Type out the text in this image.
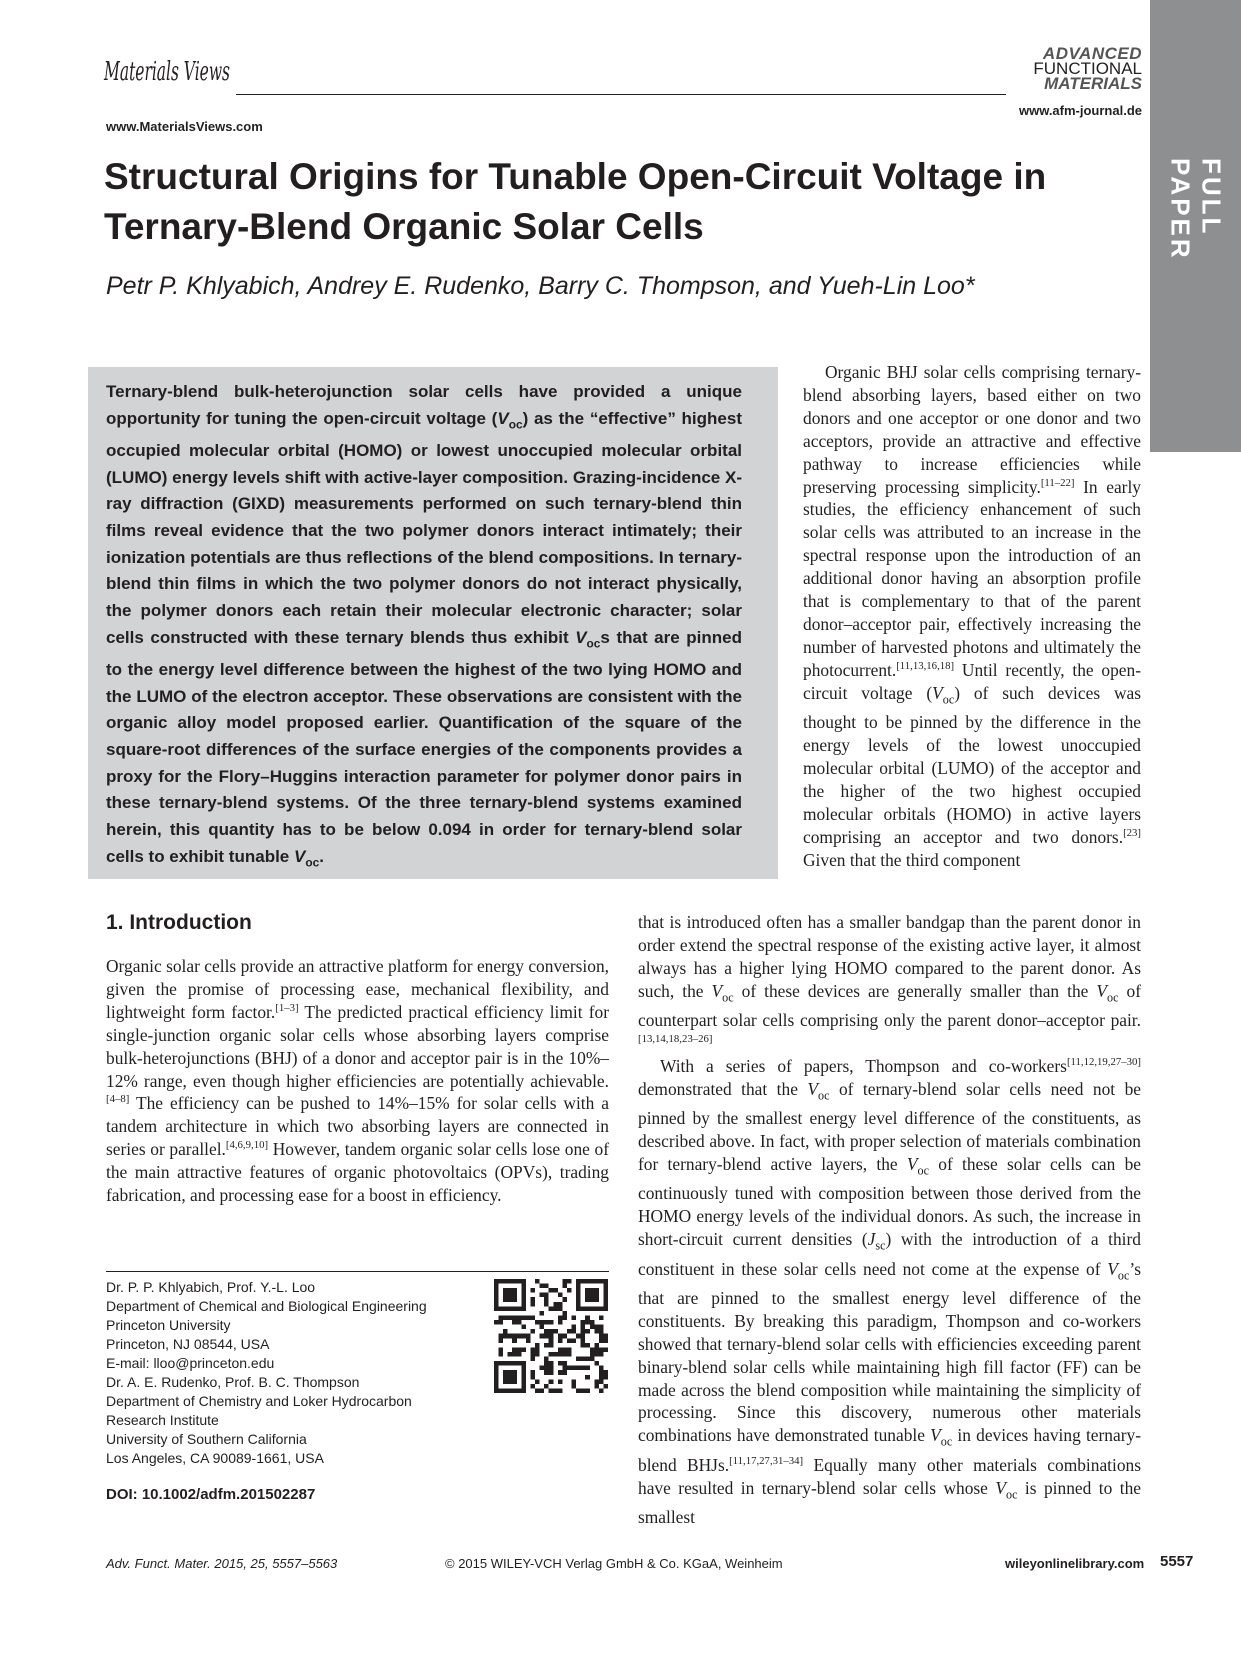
Materials Views
www.MaterialsViews.com
ADVANCED
FUNCTIONAL
MATERIALS
www.afm-journal.de
FULL PAPER
Structural Origins for Tunable Open-Circuit Voltage in Ternary-Blend Organic Solar Cells
Petr P. Khlyabich, Andrey E. Rudenko, Barry C. Thompson, and Yueh-Lin Loo*
Ternary-blend bulk-heterojunction solar cells have provided a unique opportunity for tuning the open-circuit voltage $(V_{oc})$ as the “effective” highest occupied molecular orbital (HOMO) or lowest unoccupied molecular orbital (LUMO) energy levels shift with active-layer composition. Grazing-incidence X-ray diffraction (GIXD) measurements performed on such ternary-blend thin films reveal evidence that the two polymer donors interact intimately; their ionization potentials are thus reflections of the blend compositions. In ternary-blend thin films in which the two polymer donors do not interact physically, the polymer donors each retain their molecular electronic character; solar cells constructed with these ternary blends thus exhibit $V_{oc}s$ that are pinned to the energy level difference between the highest of the two lying HOMO and the LUMO of the electron acceptor. These observations are consistent with the organic alloy model proposed earlier. Quantification of the square of the square-root differences of the surface energies of the components provides a proxy for the Flory–Huggins interaction parameter for polymer donor pairs in these ternary-blend systems. Of the three ternary-blend systems examined herein, this quantity has to be below 0.094 in order for ternary-blend solar cells to exhibit tunable $V_{oc}$.

Organic BHJ solar cells comprising ternary-blend absorbing layers, based either on two donors and one acceptor or one donor and two acceptors, provide an attractive and effective pathway to increase efficiencies while preserving processing simplicity.[11–22] In early studies, the efficiency enhancement of such solar cells was attributed to an increase in the spectral response upon the introduction of an additional donor having an absorption profile that is complementary to that of the parent donor–acceptor pair, effectively increasing the number of harvested photons and ultimately the photocurrent.[11,13,16,18] Until recently, the open-circuit voltage $(V_{oc})$ of such devices was thought to be pinned by the difference in the energy levels of the lowest unoccupied molecular orbital (LUMO) of the acceptor and the higher of the two highest occupied molecular orbitals (HOMO) in active layers comprising an acceptor and two donors.[23] Given that the third component

1. Introduction

Organic solar cells provide an attractive platform for energy conversion, given the promise of processing ease, mechanical flexibility, and lightweight form factor.[1–3] The predicted practical efficiency limit for single-junction organic solar cells whose absorbing layers comprise bulk-heterojunctions (BHJ) of a donor and acceptor pair is in the 10%–12% range, even though higher efficiencies are potentially achievable.[4–8] The efficiency can be pushed to 14%–15% for solar cells with a tandem architecture in which two absorbing layers are connected in series or parallel.[4,6,9,10] However, tandem organic solar cells lose one of the main attractive features of organic photovoltaics (OPVs), trading fabrication, and processing ease for a boost in efficiency.

that is introduced often has a smaller bandgap than the parent donor in order extend the spectral response of the existing active layer, it almost always has a higher lying HOMO compared to the parent donor. As such, the $V_{oc}$ of these devices are generally smaller than the $V_{oc}$ of counterpart solar cells comprising only the parent donor–acceptor pair.[13,14,18,23–26]

With a series of papers, Thompson and co-workers[11,12,19,27–30] demonstrated that the $V_{oc}$ of ternary-blend solar cells need not be pinned by the smallest energy level difference of the constituents, as described above. In fact, with proper selection of materials combination for ternary-blend active layers, the $V_{oc}$ of these solar cells can be continuously tuned with composition between those derived from the HOMO energy levels of the individual donors. As such, the increase in short-circuit current densities $(J_{sc})$ with the introduction of a third constituent in these solar cells need not come at the expense of $V_{oc}’s$ that are pinned to the smallest energy level difference of the constituents. By breaking this paradigm, Thompson and co-workers showed that ternary-blend solar cells with efficiencies exceeding parent binary-blend solar cells while maintaining high fill factor (FF) can be made across the blend composition while maintaining the simplicity of processing. Since this discovery, numerous other materials combinations have demonstrated tunable $V_{oc}$ in devices having ternary-blend BHJs.[11,17,27,31–34] Equally many other materials combinations have resulted in ternary-blend solar cells whose $V_{oc}$ is pinned to the smallest

Dr. P. P. Khlyabich, Prof. Y.-L. Loo
Department of Chemical and Biological Engineering
Princeton University
Princeton, NJ 08544, USA
E-mail: lloo@princeton.edu
Dr. A. E. Rudenko, Prof. B. C. Thompson
Department of Chemistry and Loker Hydrocarbon
Research Institute
University of Southern California
Los Angeles, CA 90089-1661, USA
DOI: 10.1002/adfm.201502287
Adv. Funct. Mater. 2015, 25, 5557–5563	© 2015 WILEY-VCH Verlag GmbH & Co. KGaA, Weinheim	wileyonlinelibrary.com 5557
